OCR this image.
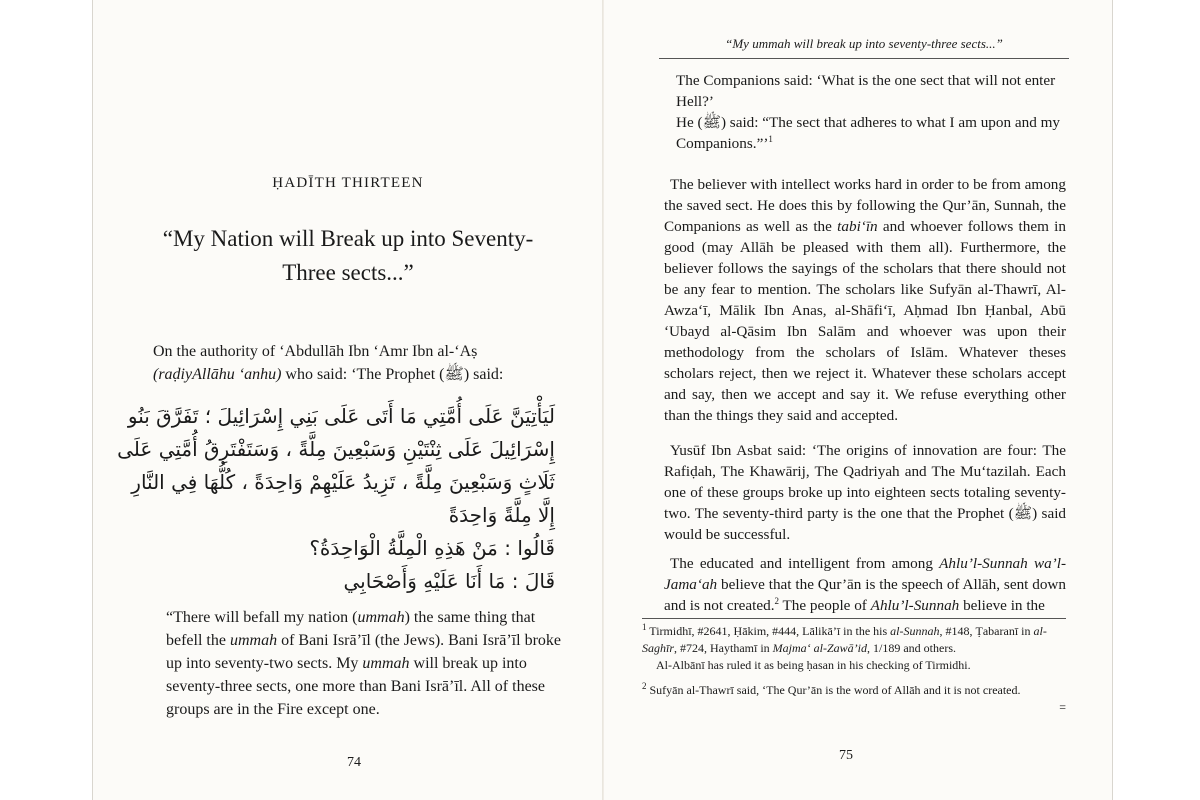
ḤADĪTH THIRTEEN
“My Nation will Break up into Seventy-
Three sects...”
On the authority of ‘Abdullāh Ibn ‘Amr Ibn al-‘Aṣ
(raḍiyAllāhu ‘anhu) who said: ‘The Prophet (ﷺ) said:
لَيَأْتِيَنَّ عَلَى أُمَّتِي مَا أَتَى عَلَى بَنِي إِسْرَائِيلَ ؛ تَفَرَّقَ بَنُو
إِسْرَائِيلَ عَلَى ثِنْتَيْنِ وَسَبْعِينَ مِلَّةً ، وَسَتَفْتَرِقُ أُمَّتِي عَلَى
ثَلَاثٍ وَسَبْعِينَ مِلَّةً ، تَزِيدُ عَلَيْهِمْ وَاحِدَةً ، كُلُّهَا فِي النَّارِ
إِلَّا مِلَّةً وَاحِدَةً
قَالُوا : مَنْ هَذِهِ الْمِلَّةُ الْوَاحِدَةُ؟
قَالَ : مَا أَنَا عَلَيْهِ وَأَصْحَابِي
“There will befall my nation (ummah) the same thing that befell the ummah of Bani Isrā’īl (the Jews). Bani Isrā’īl broke up into seventy-two sects. My ummah will break up into seventy-three sects, one more than Bani Isrā’īl. All of these groups are in the Fire except one.
74
“My ummah will break up into seventy-three sects...”
The Companions said: ‘What is the one sect that will not enter Hell?’
He (ﷺ) said: “The sect that adheres to what I am upon and my Companions.”’$^1$
The believer with intellect works hard in order to be from among the saved sect. He does this by following the Qur’ān, Sunnah, the Companions as well as the tabi‘īn and whoever follows them in good (may Allāh be pleased with them all). Furthermore, the believer follows the sayings of the scholars that there should not be any fear to mention. The scholars like Sufyān al-Thawrī, Al-Awza‘ī, Mālik Ibn Anas, al-Shāfi‘ī, Aḥmad Ibn Ḥanbal, Abū ‘Ubayd al-Qāsim Ibn Salām and whoever was upon their methodology from the scholars of Islām. Whatever theses scholars reject, then we reject it. Whatever these scholars accept and say, then we accept and say it. We refuse everything other than the things they said and accepted.
Yusūf Ibn Asbat said: ‘The origins of innovation are four: The Rafiḍah, The Khawārij, The Qadriyah and The Mu‘tazilah. Each one of these groups broke up into eighteen sects totaling seventy-two. The seventy-third party is the one that the Prophet (ﷺ) said would be successful.
The educated and intelligent from among Ahlu’l-Sunnah wa’l-Jama‘ah believe that the Qur’ān is the speech of Allāh, sent down and is not created.$^2$ The people of Ahlu’l-Sunnah believe in the
$^1$ Tirmidhī, #2641, Ḥākim, #444, Lālikā’ī in the his al-Sunnah, #148, Ṭabaranī in al-Saghīr, #724, Haythamī in Majma‘ al-Zawā’id, 1/189 and others.
Al-Albānī has ruled it as being ḥasan in his checking of Tirmidhi.
$^2$ Sufyān al-Thawrī said, ‘The Qur’ān is the word of Allāh and it is not created.
=
75
